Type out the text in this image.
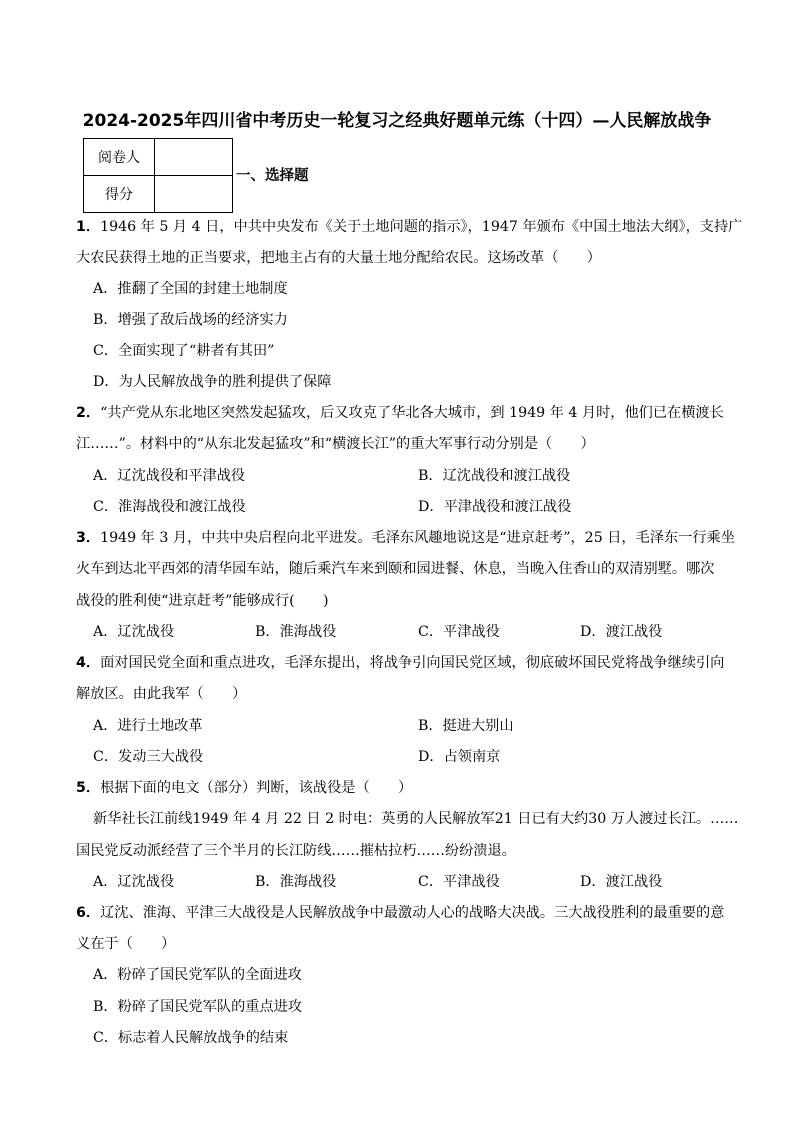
2024-2025年四川省中考历史一轮复习之经典好题单元练（十四）—人民解放战争
阅卷人	
得分	
一、选择题
1．1946 年 5 月 4 日，中共中央发布《关于土地问题的指示》，1947 年颁布《中国土地法大纲》，支持广
大农民获得土地的正当要求，把地主占有的大量土地分配给农民。这场改革（　　）
A．推翻了全国的封建土地制度
B．增强了敌后战场的经济实力
C．全面实现了“耕者有其田”
D．为人民解放战争的胜利提供了保障
2．“共产党从东北地区突然发起猛攻，后又攻克了华北各大城市，到 1949 年 4 月时，他们已在横渡长
江……”。材料中的“从东北发起猛攻”和“横渡长江”的重大军事行动分别是（　　）
A．辽沈战役和平津战役	B．辽沈战役和渡江战役
C．淮海战役和渡江战役	D．平津战役和渡江战役
3．1949 年 3 月，中共中央启程向北平进发。毛泽东风趣地说这是“进京赶考”，25 日，毛泽东一行乘坐
火车到达北平西郊的清华园车站，随后乘汽车来到颐和园进餐、休息，当晚入住香山的双清别墅。哪次
战役的胜利使“进京赶考”能够成行(　　)
A．辽沈战役	B．淮海战役	C．平津战役	D．渡江战役
4．面对国民党全面和重点进攻，毛泽东提出，将战争引向国民党区域，彻底破坏国民党将战争继续引向
解放区。由此我军（　　）
A．进行土地改革	B．挺进大别山
C．发动三大战役	D．占领南京
5．根据下面的电文（部分）判断，该战役是（　　）
新华社长江前线1949 年 4 月 22 日 2 时电：英勇的人民解放军21 日已有大约30 万人渡过长江。……
国民党反动派经营了三个半月的长江防线……摧枯拉朽……纷纷溃退。
A．辽沈战役	B．淮海战役	C．平津战役	D．渡江战役
6．辽沈、淮海、平津三大战役是人民解放战争中最激动人心的战略大决战。三大战役胜利的最重要的意
义在于（　　）
A．粉碎了国民党军队的全面进攻
B．粉碎了国民党军队的重点进攻
C．标志着人民解放战争的结束
